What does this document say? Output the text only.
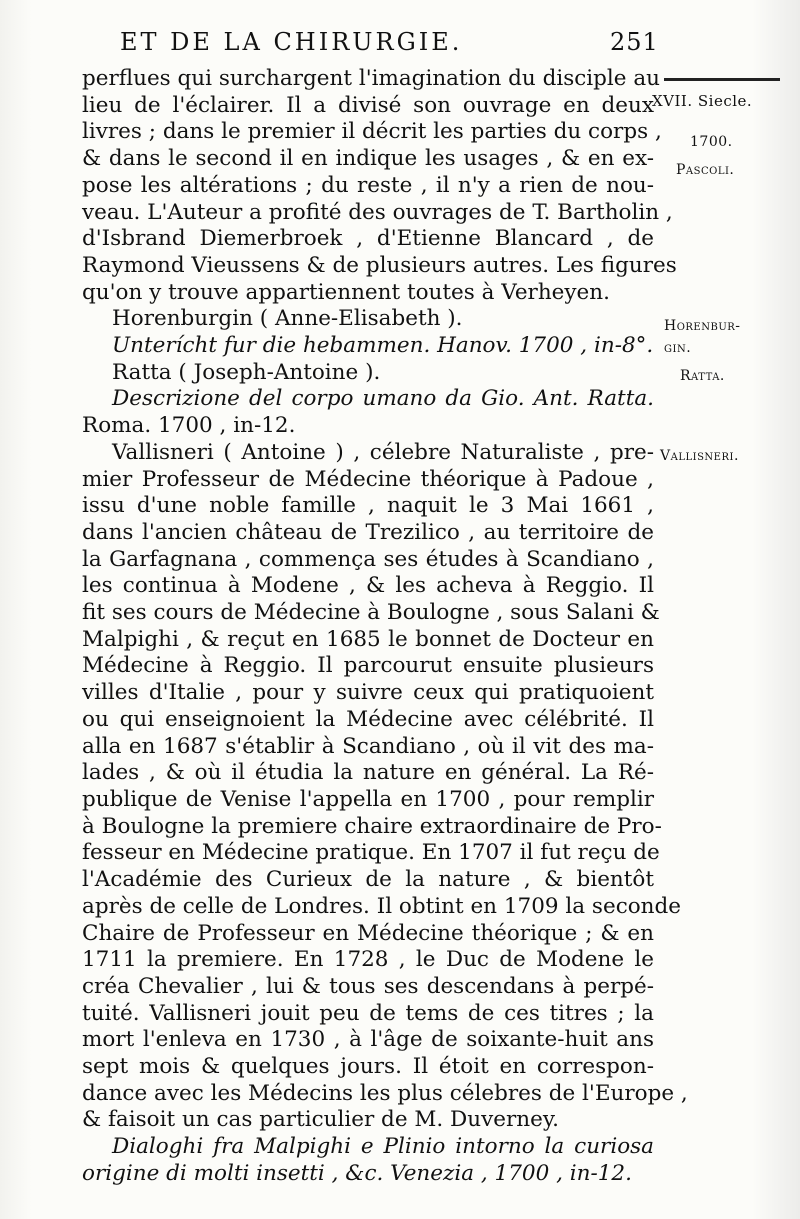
ET DE LA CHIRURGIE.	251
XVII. Siecle.
1700.
Pascoli.
Horenbur-
gin.
Ratta.
Vallisneri.
perflues qui surchargent l'imagination du disciple au
lieu de l'éclairer. Il a divisé son ouvrage en deux
livres ; dans le premier il décrit les parties du corps ,
& dans le second il en indique les usages , & en ex-
pose les altérations ; du reste , il n'y a rien de nou-
veau. L'Auteur a profité des ouvrages de T. Bartholin ,
d'Isbrand Diemerbroek , d'Etienne Blancard , de
Raymond Vieussens & de plusieurs autres. Les figures
qu'on y trouve appartiennent toutes à Verheyen.
Horenburgin ( Anne-Elisabeth ).
Unterícht fur die hebammen. Hanov. 1700 , in-8°.
Ratta ( Joseph-Antoine ).
Descrizione del corpo umano da Gio. Ant. Ratta.
Roma. 1700 , in-12.
Vallisneri ( Antoine ) , célebre Naturaliste , pre-
mier Professeur de Médecine théorique à Padoue ,
issu d'une noble famille , naquit le 3 Mai 1661 ,
dans l'ancien château de Trezilico , au territoire de
la Garfagnana , commença ses études à Scandiano ,
les continua à Modene , & les acheva à Reggio. Il
fit ses cours de Médecine à Boulogne , sous Salani &
Malpighi , & reçut en 1685 le bonnet de Docteur en
Médecine à Reggio. Il parcourut ensuite plusieurs
villes d'Italie , pour y suivre ceux qui pratiquoient
ou qui enseignoient la Médecine avec célébrité. Il
alla en 1687 s'établir à Scandiano , où il vit des ma-
lades , & où il étudia la nature en général. La Ré-
publique de Venise l'appella en 1700 , pour remplir
à Boulogne la premiere chaire extraordinaire de Pro-
fesseur en Médecine pratique. En 1707 il fut reçu de
l'Académie des Curieux de la nature , & bientôt
après de celle de Londres. Il obtint en 1709 la seconde
Chaire de Professeur en Médecine théorique ; & en
1711 la premiere. En 1728 , le Duc de Modene le
créa Chevalier , lui & tous ses descendans à perpé-
tuité. Vallisneri jouit peu de tems de ces titres ; la
mort l'enleva en 1730 , à l'âge de soixante-huit ans
sept mois & quelques jours. Il étoit en correspon-
dance avec les Médecins les plus célebres de l'Europe ,
& faisoit un cas particulier de M. Duverney.
Dialoghi fra Malpighi e Plinio intorno la curiosa
origine di molti insetti , &c. Venezia , 1700 , in-12.
